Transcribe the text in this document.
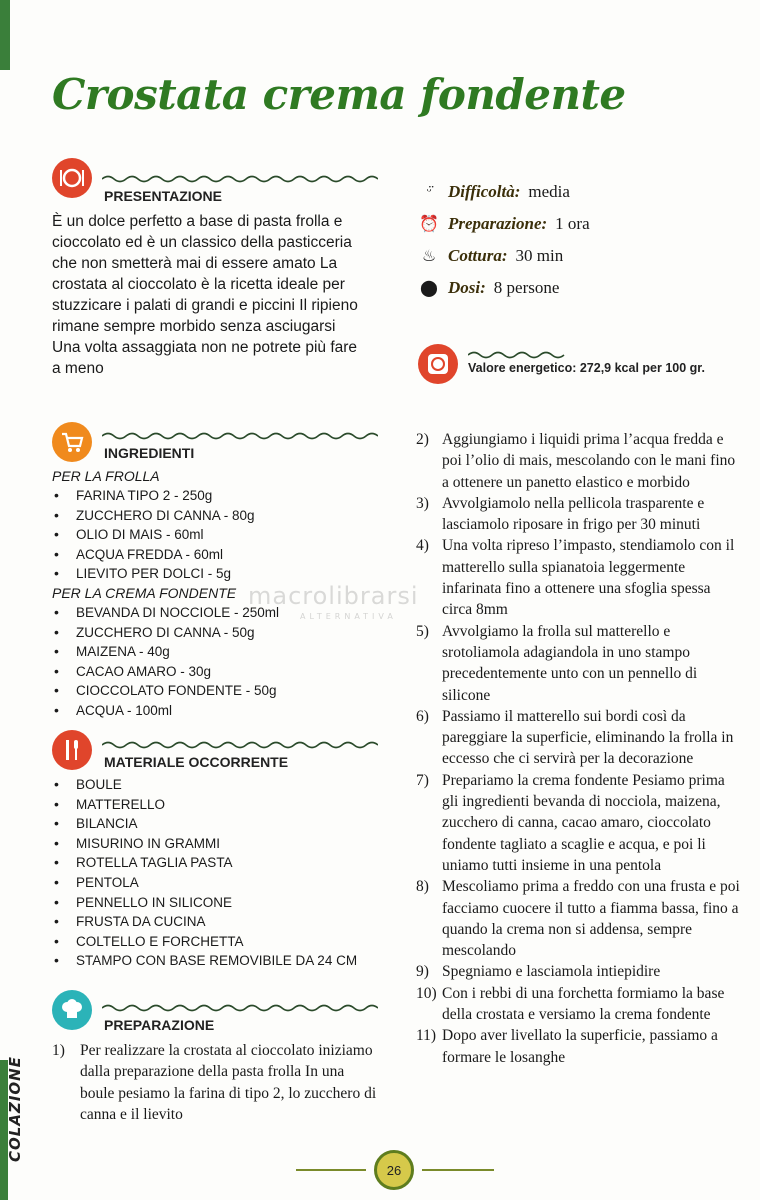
COLAZIONE
Crostata crema fondente
PRESENTAZIONE
È un dolce perfetto a base di pasta frolla e
cioccolato ed è un classico della pasticceria
che non smetterà mai di essere amato La
crostata al cioccolato è la ricetta ideale per
stuzzicare i palati di grandi e piccini Il ripieno
rimane sempre morbido senza asciugarsi
Una volta assaggiata non ne potrete più fare
a meno
ᵕ̈ Difficoltà: media
⏰ Preparazione: 1 ora
♨ Cottura: 30 min
⬤ Dosi: 8 persone
Valore energetico: 272,9 kcal per 100 gr.
INGREDIENTI
PER LA FROLLA
• FARINA TIPO 2 - 250g
• ZUCCHERO DI CANNA - 80g
• OLIO DI MAIS - 60ml
• ACQUA FREDDA - 60ml
• LIEVITO PER DOLCI - 5g
PER LA CREMA FONDENTE
• BEVANDA DI NOCCIOLE - 250ml
• ZUCCHERO DI CANNA - 50g
• MAIZENA - 40g
• CACAO AMARO - 30g
• CIOCCOLATO FONDENTE - 50g
• ACQUA - 100ml
MATERIALE OCCORRENTE
• BOULE
• MATTERELLO
• BILANCIA
• MISURINO IN GRAMMI
• ROTELLA TAGLIA PASTA
• PENTOLA
• PENNELLO IN SILICONE
• FRUSTA DA CUCINA
• COLTELLO E FORCHETTA
• STAMPO CON BASE REMOVIBILE DA 24 CM
PREPARAZIONE
1) Per realizzare la crostata al cioccolato iniziamo dalla preparazione della pasta frolla In una boule pesiamo la farina di tipo 2, lo zucchero di canna e il lievito
2) Aggiungiamo i liquidi prima l’acqua fredda e poi l’olio di mais, mescolando con le mani fino a ottenere un panetto elastico e morbido
3) Avvolgiamolo nella pellicola trasparente e lasciamolo riposare in frigo per 30 minuti
4) Una volta ripreso l’impasto, stendiamolo con il matterello sulla spianatoia leggermente infarinata fino a ottenere una sfoglia spessa circa 8mm
5) Avvolgiamo la frolla sul matterello e srotoliamola adagiandola in uno stampo precedentemente unto con un pennello di silicone
6) Passiamo il matterello sui bordi così da pareggiare la superficie, eliminando la frolla in eccesso che ci servirà per la decorazione
7) Prepariamo la crema fondente Pesiamo prima gli ingredienti bevanda di nocciola, maizena, zucchero di canna, cacao amaro, cioccolato fondente tagliato a scaglie e acqua, e poi li uniamo tutti insieme in una pentola
8) Mescoliamo prima a freddo con una frusta e poi facciamo cuocere il tutto a fiamma bassa, fino a quando la crema non si addensa, sempre mescolando
9) Spegniamo e lasciamola intiepidire
10) Con i rebbi di una forchetta formiamo la base della crostata e versiamo la crema fondente
11) Dopo aver livellato la superficie, passiamo a formare le losanghe
macrolibrarsi
ALTERNATIVA
26
